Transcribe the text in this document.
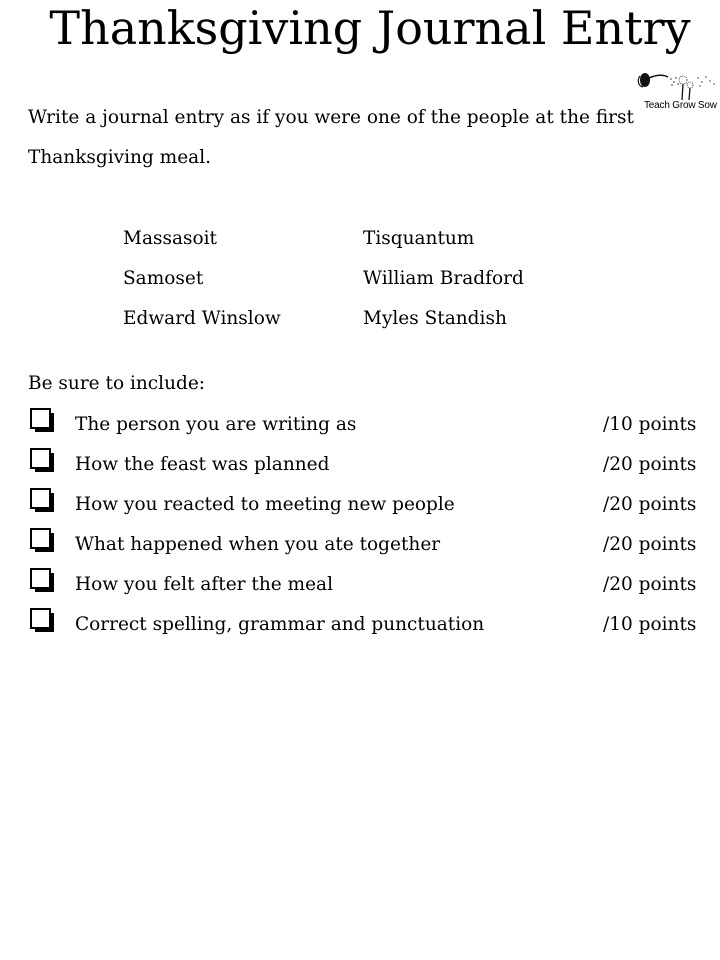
Thanksgiving Journal Entry
Teach Grow Sow
Write a journal entry as if you were one of the people at the first Thanksgiving meal.
Massasoit	Tisquantum
Samoset	William Bradford
Edward Winslow	Myles Standish
Be sure to include:
The person you are writing as	/10 points
How the feast was planned	/20 points
How you reacted to meeting new people	/20 points
What happened when you ate together	/20 points
How you felt after the meal	/20 points
Correct spelling, grammar and punctuation	/10 points
